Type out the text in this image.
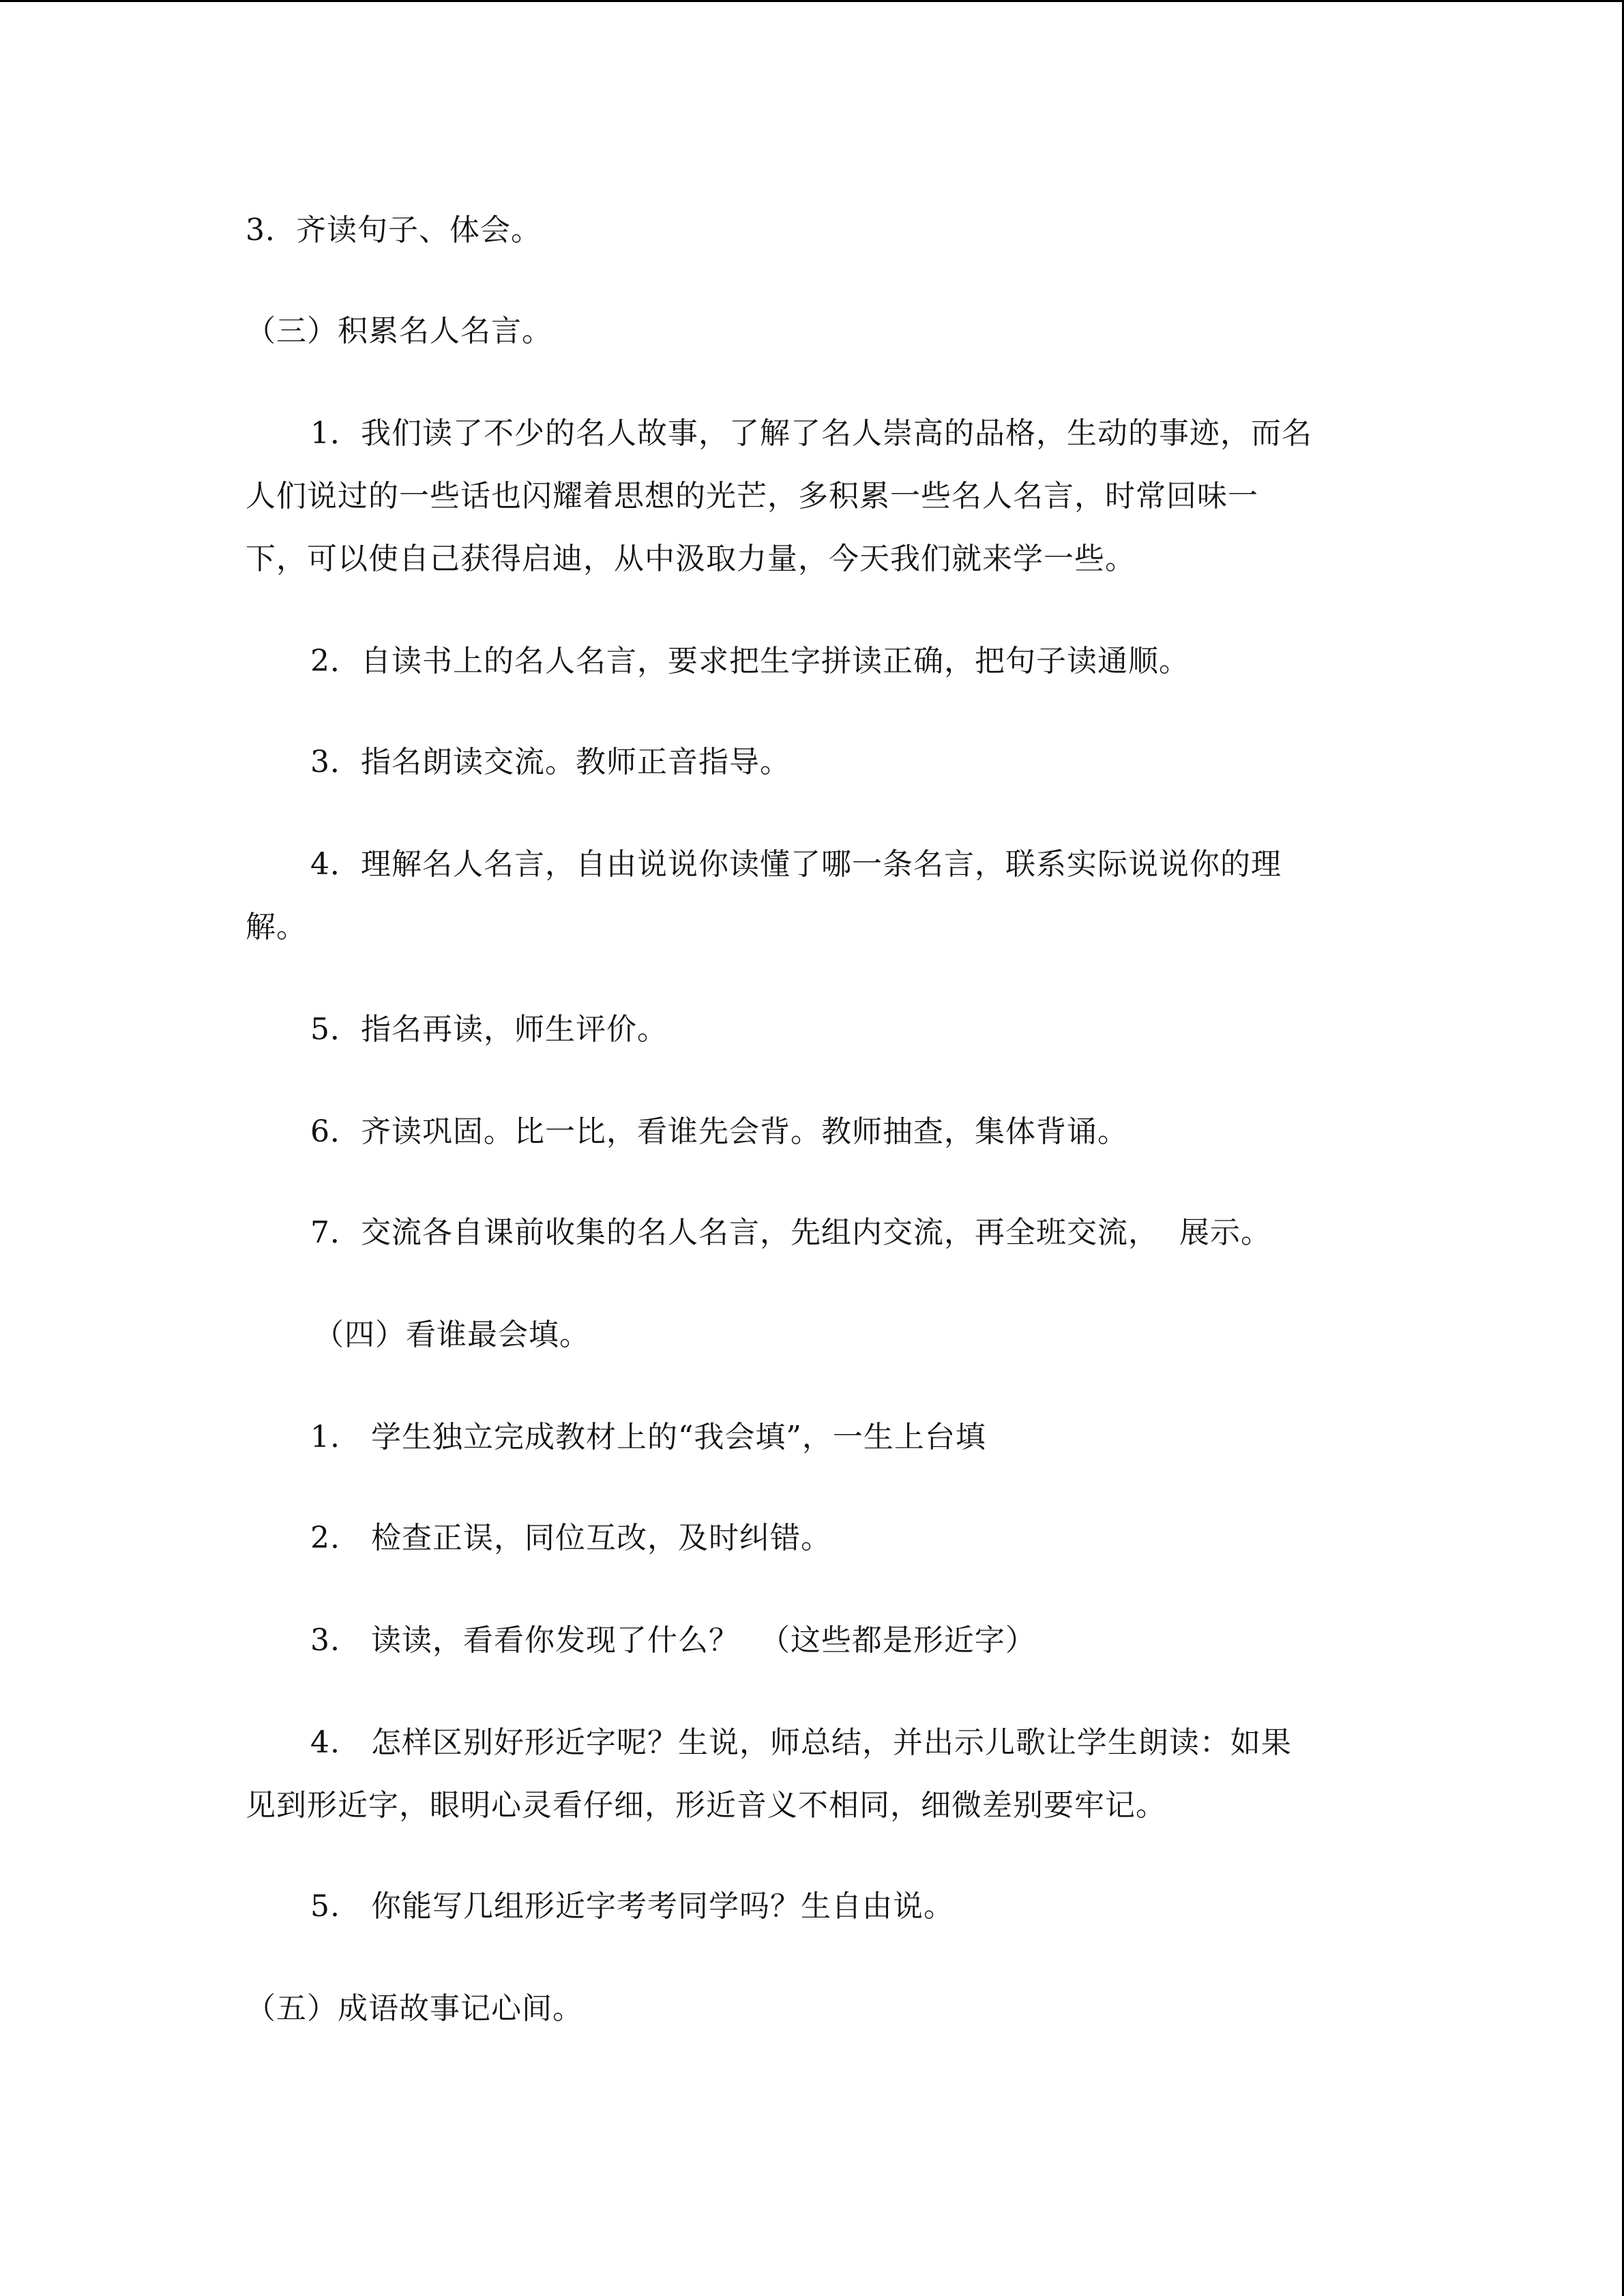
3．齐读句子、体会。
（三）积累名人名言。
1．我们读了不少的名人故事，了解了名人崇高的品格，生动的事迹，而名
人们说过的一些话也闪耀着思想的光芒，多积累一些名人名言，时常回味一
下，可以使自己获得启迪，从中汲取力量，今天我们就来学一些。
2．自读书上的名人名言，要求把生字拼读正确，把句子读通顺。
3．指名朗读交流。教师正音指导。
4．理解名人名言，自由说说你读懂了哪一条名言，联系实际说说你的理
解。
5．指名再读，师生评价。
6．齐读巩固。比一比，看谁先会背。教师抽查，集体背诵。
7．交流各自课前收集的名人名言，先组内交流，再全班交流，  展示。
（四）看谁最会填。
1.   学生独立完成教材上的“我会填”，一生上台填
2.   检查正误，同位互改，及时纠错。
3.   读读，看看你发现了什么？  （这些都是形近字）
4.   怎样区别好形近字呢？生说，师总结，并出示儿歌让学生朗读：如果
见到形近字，眼明心灵看仔细，形近音义不相同，细微差别要牢记。
5.   你能写几组形近字考考同学吗？生自由说。
（五）成语故事记心间。
